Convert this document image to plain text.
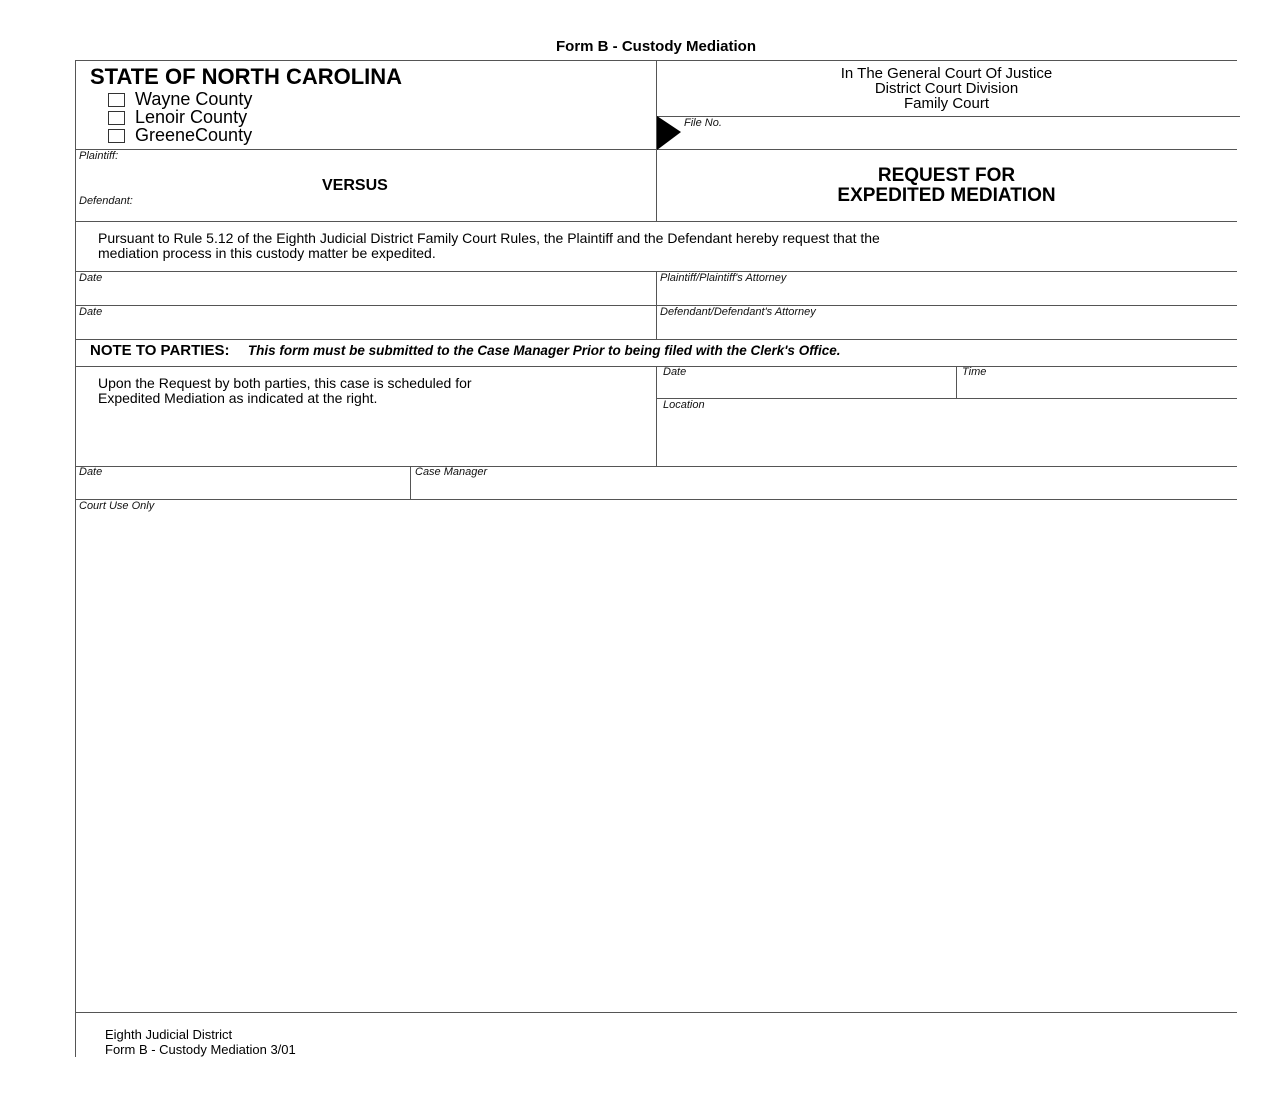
Form B - Custody Mediation
STATE OF NORTH CAROLINA
Wayne County
Lenoir County
GreeneCounty
In The General Court Of Justice
District Court Division
Family Court
File No.
Plaintiff:
VERSUS
Defendant:
REQUEST FOR
EXPEDITED MEDIATION
Pursuant to Rule 5.12 of the Eighth Judicial District Family Court Rules, the Plaintiff and the Defendant hereby request that the
mediation process in this custody matter be expedited.
Date	Plaintiff/Plaintiff's Attorney
Date	Defendant/Defendant's Attorney
NOTE TO PARTIES: This form must be submitted to the Case Manager Prior to being filed with the Clerk's Office.
Upon the Request by both parties, this case is scheduled for
Expedited Mediation as indicated at the right.
Date	Time
Location
Date	Case Manager
Court Use Only
Eighth Judicial District
Form B - Custody Mediation 3/01
